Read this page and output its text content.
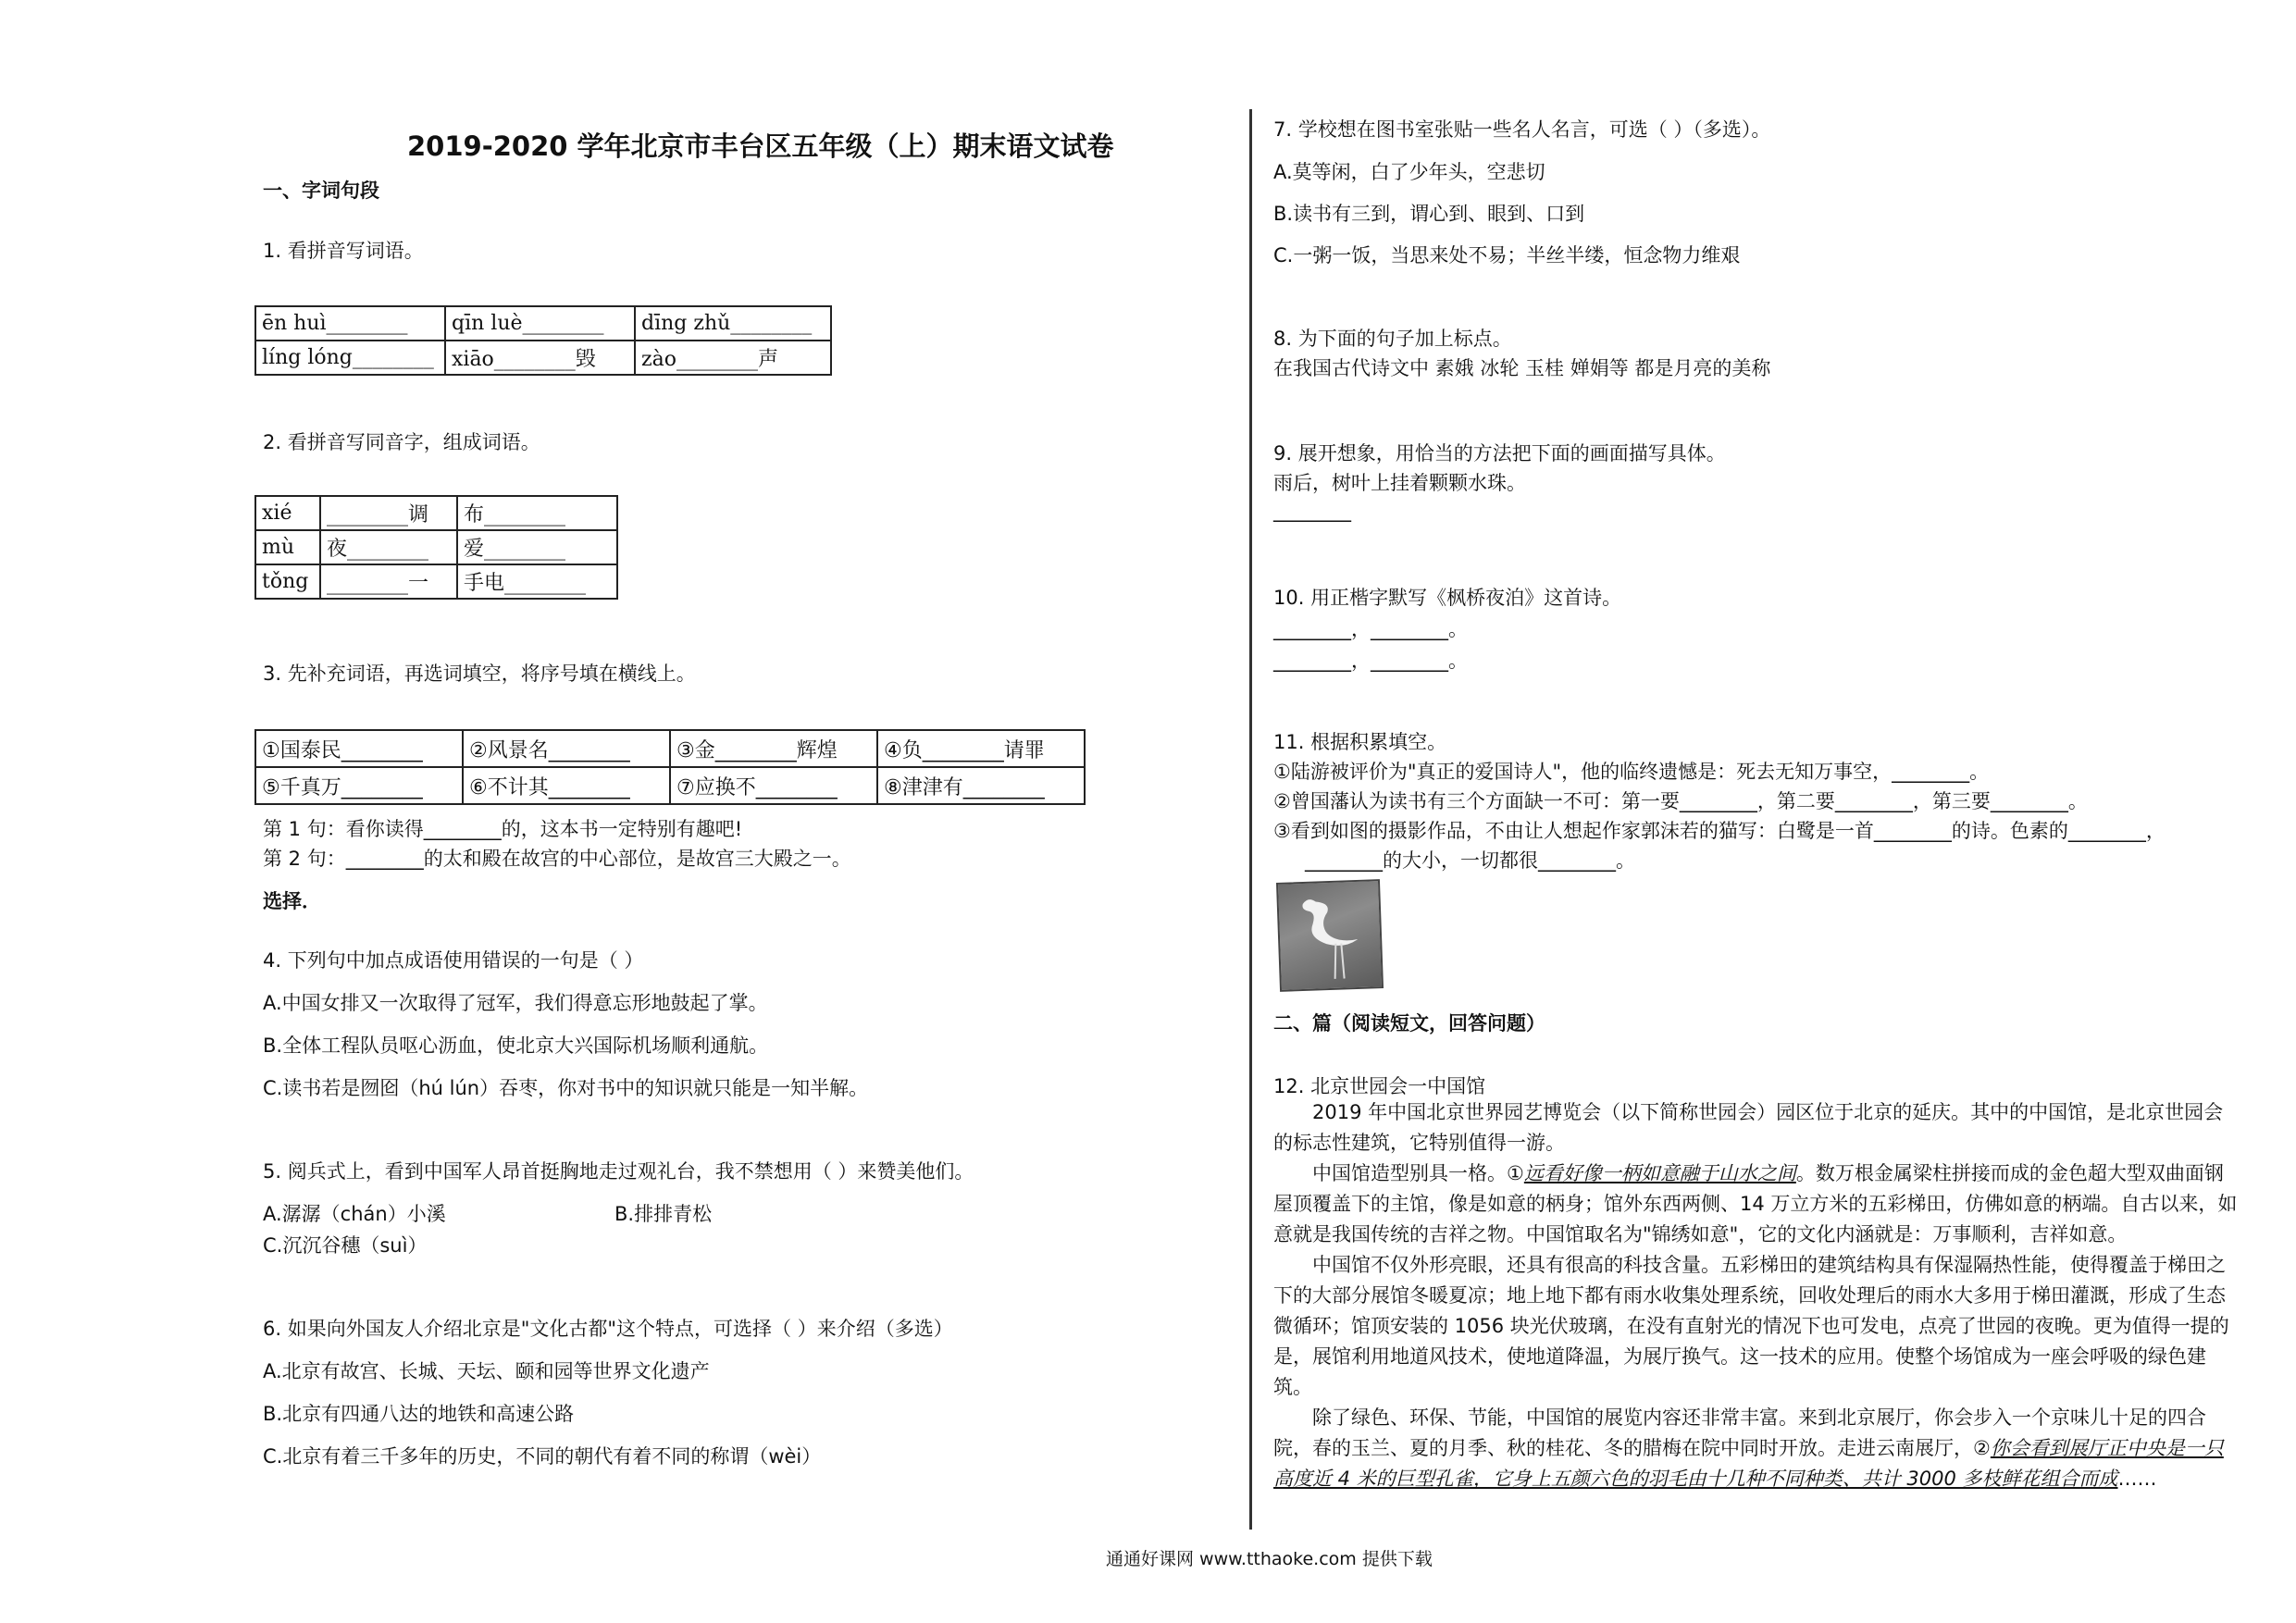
2019-2020 学年北京市丰台区五年级（上）期末语文试卷
一、字词句段
1. 看拼音写词语。
ēn huì________	qīn luè________	dīng zhǔ________
líng lóng________	xiāo________毁	zào________声
2. 看拼音写同音字，组成词语。
xié	________调	布________
mù	夜________	爱________
tǒng	________一	手电________
3. 先补充词语，再选词填空，将序号填在横线上。
①国泰民________	②风景名________	③金________辉煌	④负________请罪
⑤千真万________	⑥不计其________	⑦应换不________	⑧津津有________
第 1 句：看你读得________的，这本书一定特别有趣吧!
第 2 句：________的太和殿在故宫的中心部位，是故宫三大殿之一。
选择．
4. 下列句中加点成语使用错误的一句是（ ）
A.中国女排又一次取得了冠军，我们得意忘形地鼓起了掌。
B.全体工程队员呕心沥血，使北京大兴国际机场顺利通航。
C.读书若是囫囵（hú lún）吞枣，你对书中的知识就只能是一知半解。
5. 阅兵式上，看到中国军人昂首挺胸地走过观礼台，我不禁想用（ ）来赞美他们。
A.潺潺（chán）小溪	B.排排青松
C.沉沉谷穗（suì）
6. 如果向外国友人介绍北京是"文化古都"这个特点，可选择（ ）来介绍（多选）
A.北京有故宫、长城、天坛、颐和园等世界文化遗产
B.北京有四通八达的地铁和高速公路
C.北京有着三千多年的历史，不同的朝代有着不同的称谓（wèi）
7. 学校想在图书室张贴一些名人名言，可选（ ）（多选）。
A.莫等闲，白了少年头，空悲切
B.读书有三到，谓心到、眼到、口到
C.一粥一饭，当思来处不易；半丝半缕，恒念物力维艰
8. 为下面的句子加上标点。
在我国古代诗文中 素娥 冰轮 玉桂 婵娟等 都是月亮的美称
9. 展开想象，用恰当的方法把下面的画面描写具体。
雨后，树叶上挂着颗颗水珠。
________
10. 用正楷字默写《枫桥夜泊》这首诗。
________，________。
________，________。
11. 根据积累填空。
①陆游被评价为"真正的爱国诗人"，他的临终遗憾是：死去无知万事空，________。
②曾国藩认为读书有三个方面缺一不可：第一要________，第二要________，第三要________。
③看到如图的摄影作品，不由让人想起作家郭沫若的猫写：白鹭是一首________的诗。色素的________，
________的大小，一切都很________。
二、篇（阅读短文，回答问题）
12. 北京世园会一中国馆

2019 年中国北京世界园艺博览会（以下简称世园会）园区位于北京的延庆。其中的中国馆，是北京世园会的标志性建筑，它特别值得一游。

中国馆造型别具一格。①远看好像一柄如意融于山水之间。数万根金属梁柱拼接而成的金色超大型双曲面钢屋顶覆盖下的主馆，像是如意的柄身；馆外东西两侧、14 万立方米的五彩梯田，仿佛如意的柄端。自古以来，如意就是我国传统的吉祥之物。中国馆取名为"锦绣如意"，它的文化内涵就是：万事顺利，吉祥如意。

中国馆不仅外形亮眼，还具有很高的科技含量。五彩梯田的建筑结构具有保湿隔热性能，使得覆盖于梯田之下的大部分展馆冬暖夏凉；地上地下都有雨水收集处理系统，回收处理后的雨水大多用于梯田灌溉，形成了生态微循环；馆顶安装的 1056 块光伏玻璃，在没有直射光的情况下也可发电，点亮了世园的夜晚。更为值得一提的是，展馆利用地道风技术，使地道降温，为展厅换气。这一技术的应用。使整个场馆成为一座会呼吸的绿色建筑。

除了绿色、环保、节能，中国馆的展览内容还非常丰富。来到北京展厅，你会步入一个京味儿十足的四合院，春的玉兰、夏的月季、秋的桂花、冬的腊梅在院中同时开放。走进云南展厅，②你会看到展厅正中央是一只高度近 4 米的巨型孔雀，它身上五颜六色的羽毛由十几种不同种类、共计 3000 多枝鲜花组合而成……

通通好课网 www.tthaoke.com 提供下载
